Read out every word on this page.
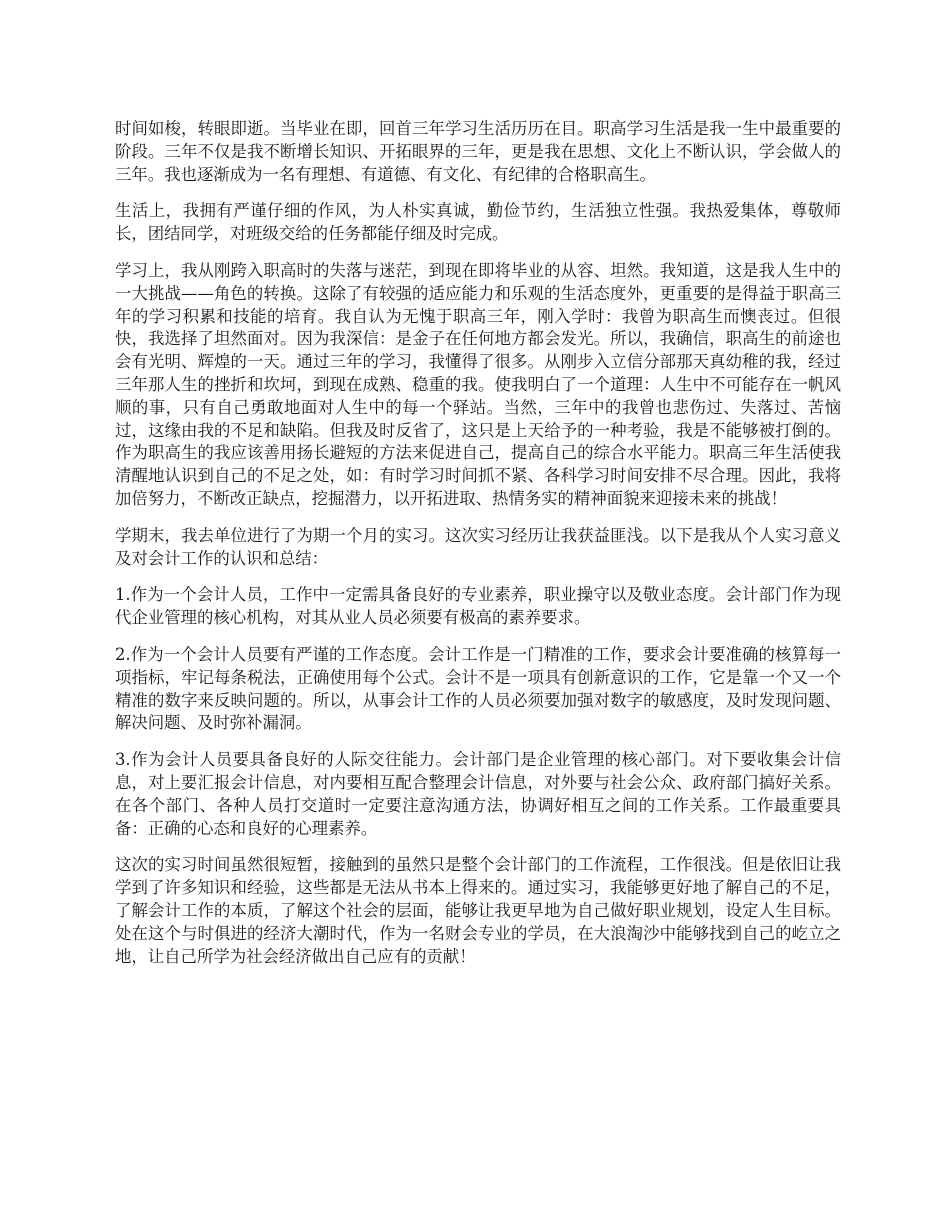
时间如梭，转眼即逝。当毕业在即，回首三年学习生活历历在目。职高学习生活是我一生中最重要的阶段。三年不仅是我不断增长知识、开拓眼界的三年，更是我在思想、文化上不断认识，学会做人的三年。我也逐渐成为一名有理想、有道德、有文化、有纪律的合格职高生。

生活上，我拥有严谨仔细的作风，为人朴实真诚，勤俭节约，生活独立性强。我热爱集体，尊敬师长，团结同学，对班级交给的任务都能仔细及时完成。

学习上，我从刚跨入职高时的失落与迷茫，到现在即将毕业的从容、坦然。我知道，这是我人生中的一大挑战——角色的转换。这除了有较强的适应能力和乐观的生活态度外，更重要的是得益于职高三年的学习积累和技能的培育。我自认为无愧于职高三年，刚入学时：我曾为职高生而懊丧过。但很快，我选择了坦然面对。因为我深信：是金子在任何地方都会发光。所以，我确信，职高生的前途也会有光明、辉煌的一天。通过三年的学习，我懂得了很多。从刚步入立信分部那天真幼稚的我，经过三年那人生的挫折和坎坷，到现在成熟、稳重的我。使我明白了一个道理：人生中不可能存在一帆风顺的事，只有自己勇敢地面对人生中的每一个驿站。当然，三年中的我曾也悲伤过、失落过、苦恼过，这缘由我的不足和缺陷。但我及时反省了，这只是上天给予的一种考验，我是不能够被打倒的。作为职高生的我应该善用扬长避短的方法来促进自己，提高自己的综合水平能力。职高三年生活使我清醒地认识到自己的不足之处，如：有时学习时间抓不紧、各科学习时间安排不尽合理。因此，我将加倍努力，不断改正缺点，挖掘潜力，以开拓进取、热情务实的精神面貌来迎接未来的挑战！

学期末，我去单位进行了为期一个月的实习。这次实习经历让我获益匪浅。以下是我从个人实习意义及对会计工作的认识和总结：

1.作为一个会计人员，工作中一定需具备良好的专业素养，职业操守以及敬业态度。会计部门作为现代企业管理的核心机构，对其从业人员必须要有极高的素养要求。

2.作为一个会计人员要有严谨的工作态度。会计工作是一门精准的工作，要求会计要准确的核算每一项指标，牢记每条税法，正确使用每个公式。会计不是一项具有创新意识的工作，它是靠一个又一个精准的数字来反映问题的。所以，从事会计工作的人员必须要加强对数字的敏感度，及时发现问题、解决问题、及时弥补漏洞。

3.作为会计人员要具备良好的人际交往能力。会计部门是企业管理的核心部门。对下要收集会计信息，对上要汇报会计信息，对内要相互配合整理会计信息，对外要与社会公众、政府部门搞好关系。在各个部门、各种人员打交道时一定要注意沟通方法，协调好相互之间的工作关系。工作最重要具备：正确的心态和良好的心理素养。

这次的实习时间虽然很短暂，接触到的虽然只是整个会计部门的工作流程，工作很浅。但是依旧让我学到了许多知识和经验，这些都是无法从书本上得来的。通过实习，我能够更好地了解自己的不足，了解会计工作的本质，了解这个社会的层面，能够让我更早地为自己做好职业规划，设定人生目标。处在这个与时俱进的经济大潮时代，作为一名财会专业的学员，在大浪淘沙中能够找到自己的屹立之地，让自己所学为社会经济做出自己应有的贡献！
